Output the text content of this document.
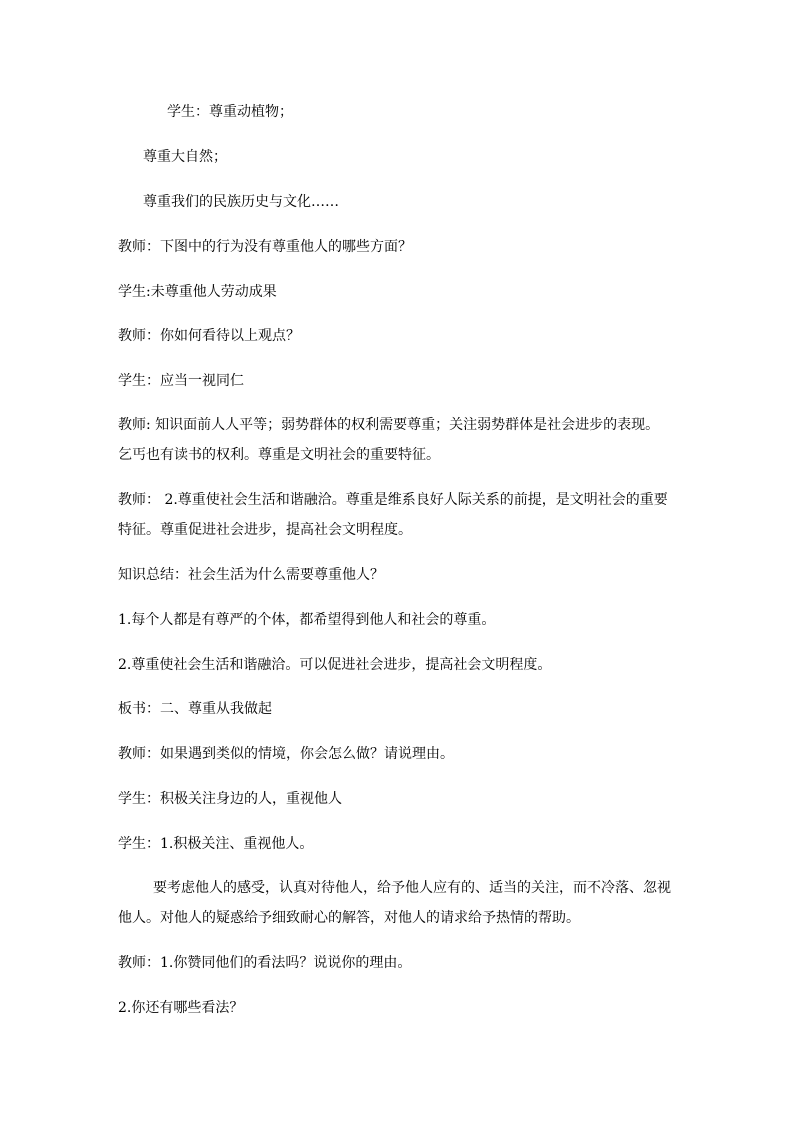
学生：尊重动植物；
尊重大自然；
尊重我们的民族历史与文化……
教师：下图中的行为没有尊重他人的哪些方面？
学生:未尊重他人劳动成果
教师：你如何看待以上观点？
学生：应当一视同仁
教师: 知识面前人人平等；弱势群体的权利需要尊重；关注弱势群体是社会进步的表现。
乞丐也有读书的权利。尊重是文明社会的重要特征。
教师： 2.尊重使社会生活和谐融洽。尊重是维系良好人际关系的前提，是文明社会的重要
特征。尊重促进社会进步，提高社会文明程度。
知识总结：社会生活为什么需要尊重他人？
1.每个人都是有尊严的个体，都希望得到他人和社会的尊重。
2.尊重使社会生活和谐融洽。可以促进社会进步，提高社会文明程度。
板书：二、尊重从我做起
教师：如果遇到类似的情境，你会怎么做？请说理由。
学生：积极关注身边的人，重视他人
学生：1.积极关注、重视他人。
要考虑他人的感受，认真对待他人，给予他人应有的、适当的关注，而不冷落、忽视
他人。对他人的疑惑给予细致耐心的解答，对他人的请求给予热情的帮助。
教师：1.你赞同他们的看法吗？说说你的理由。
2.你还有哪些看法？
